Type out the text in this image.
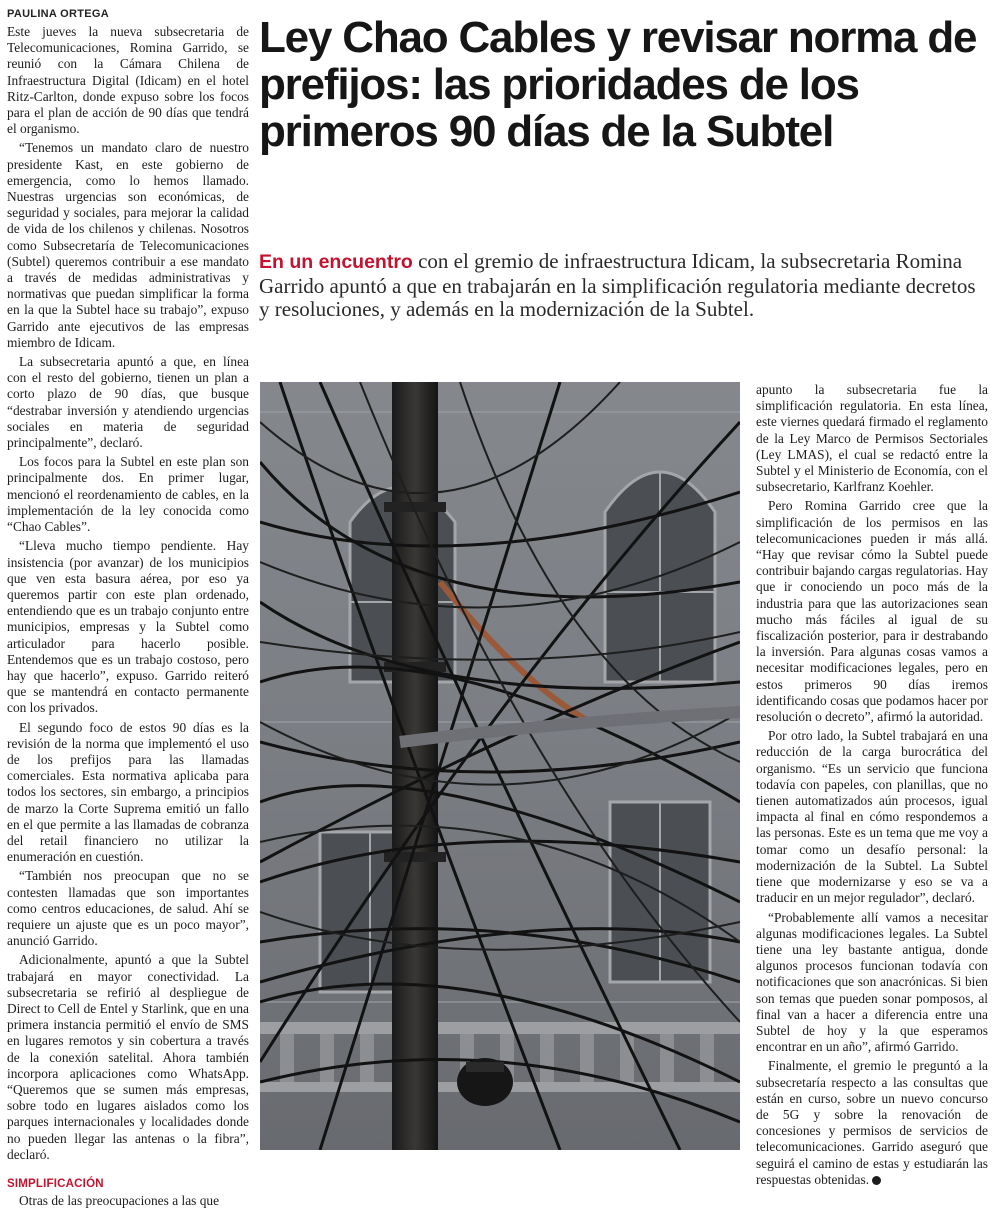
PAULINA ORTEGA

Este jueves la nueva subsecretaria de Telecomunicaciones, Romina Garrido, se reunió con la Cámara Chilena de Infraestructura Digital (Idicam) en el hotel Ritz-Carlton, donde expuso sobre los focos para el plan de acción de 90 días que tendrá el organismo.

“Tenemos un mandato claro de nuestro presidente Kast, en este gobierno de emergencia, como lo hemos llamado. Nuestras urgencias son económicas, de seguridad y sociales, para mejorar la calidad de vida de los chilenos y chilenas. Nosotros como Subsecretaría de Telecomunicaciones (Subtel) queremos contribuir a ese mandato a través de medidas administrativas y normativas que puedan simplificar la forma en la que la Subtel hace su trabajo”, expuso Garrido ante ejecutivos de las empresas miembro de Idicam.

La subsecretaria apuntó a que, en línea con el resto del gobierno, tienen un plan a corto plazo de 90 días, que busque “destrabar inversión y atendiendo urgencias sociales en materia de seguridad principalmente”, declaró.

Los focos para la Subtel en este plan son principalmente dos. En primer lugar, mencionó el reordenamiento de cables, en la implementación de la ley conocida como “Chao Cables”.

“Lleva mucho tiempo pendiente. Hay insistencia (por avanzar) de los municipios que ven esta basura aérea, por eso ya queremos partir con este plan ordenado, entendiendo que es un trabajo conjunto entre municipios, empresas y la Subtel como articulador para hacerlo posible. Entendemos que es un trabajo costoso, pero hay que hacerlo”, expuso. Garrido reiteró que se mantendrá en contacto permanente con los privados.

El segundo foco de estos 90 días es la revisión de la norma que implementó el uso de los prefijos para las llamadas comerciales. Esta normativa aplicaba para todos los sectores, sin embargo, a principios de marzo la Corte Suprema emitió un fallo en el que permite a las llamadas de cobranza del retail financiero no utilizar la enumeración en cuestión.

“También nos preocupan que no se contesten llamadas que son importantes como centros educaciones, de salud. Ahí se requiere un ajuste que es un poco mayor”, anunció Garrido.

Adicionalmente, apuntó a que la Subtel trabajará en mayor conectividad. La subsecretaria se refirió al despliegue de Direct to Cell de Entel y Starlink, que en una primera instancia permitió el envío de SMS en lugares remotos y sin cobertura a través de la conexión satelital. Ahora también incorpora aplicaciones como WhatsApp. “Queremos que se sumen más empresas, sobre todo en lugares aislados como los parques internacionales y localidades donde no pueden llegar las antenas o la fibra”, declaró.

SIMPLIFICACIÓN

Otras de las preocupaciones a las que

Ley Chao Cables y revisar norma de prefijos: las prioridades de los primeros 90 días de la Subtel

En un encuentro con el gremio de infraestructura Idicam, la subsecretaria Romina Garrido apuntó a que en trabajarán en la simplificación regulatoria mediante decretos y resoluciones, y además en la modernización de la Subtel.

apunto la subsecretaria fue la simplificación regulatoria. En esta línea, este viernes quedará firmado el reglamento de la Ley Marco de Permisos Sectoriales (Ley LMAS), el cual se redactó entre la Subtel y el Ministerio de Economía, con el subsecretario, Karlfranz Koehler.

Pero Romina Garrido cree que la simplificación de los permisos en las telecomunicaciones pueden ir más allá. “Hay que revisar cómo la Subtel puede contribuir bajando cargas regulatorias. Hay que ir conociendo un poco más de la industria para que las autorizaciones sean mucho más fáciles al igual de su fiscalización posterior, para ir destrabando la inversión. Para algunas cosas vamos a necesitar modificaciones legales, pero en estos primeros 90 días iremos identificando cosas que podamos hacer por resolución o decreto”, afirmó la autoridad.

Por otro lado, la Subtel trabajará en una reducción de la carga burocrática del organismo. “Es un servicio que funciona todavía con papeles, con planillas, que no tienen automatizados aún procesos, igual impacta al final en cómo respondemos a las personas. Este es un tema que me voy a tomar como un desafío personal: la modernización de la Subtel. La Subtel tiene que modernizarse y eso se va a traducir en un mejor regulador”, declaró.

“Probablemente allí vamos a necesitar algunas modificaciones legales. La Subtel tiene una ley bastante antigua, donde algunos procesos funcionan todavía con notificaciones que son anacrónicas. Si bien son temas que pueden sonar pomposos, al final van a hacer a diferencia entre una Subtel de hoy y la que esperamos encontrar en un año”, afirmó Garrido.

Finalmente, el gremio le preguntó a la subsecretaría respecto a las consultas que están en curso, sobre un nuevo concurso de 5G y sobre la renovación de concesiones y permisos de servicios de telecomunicaciones. Garrido aseguró que seguirá el camino de estas y estudiarán las respuestas obtenidas.
